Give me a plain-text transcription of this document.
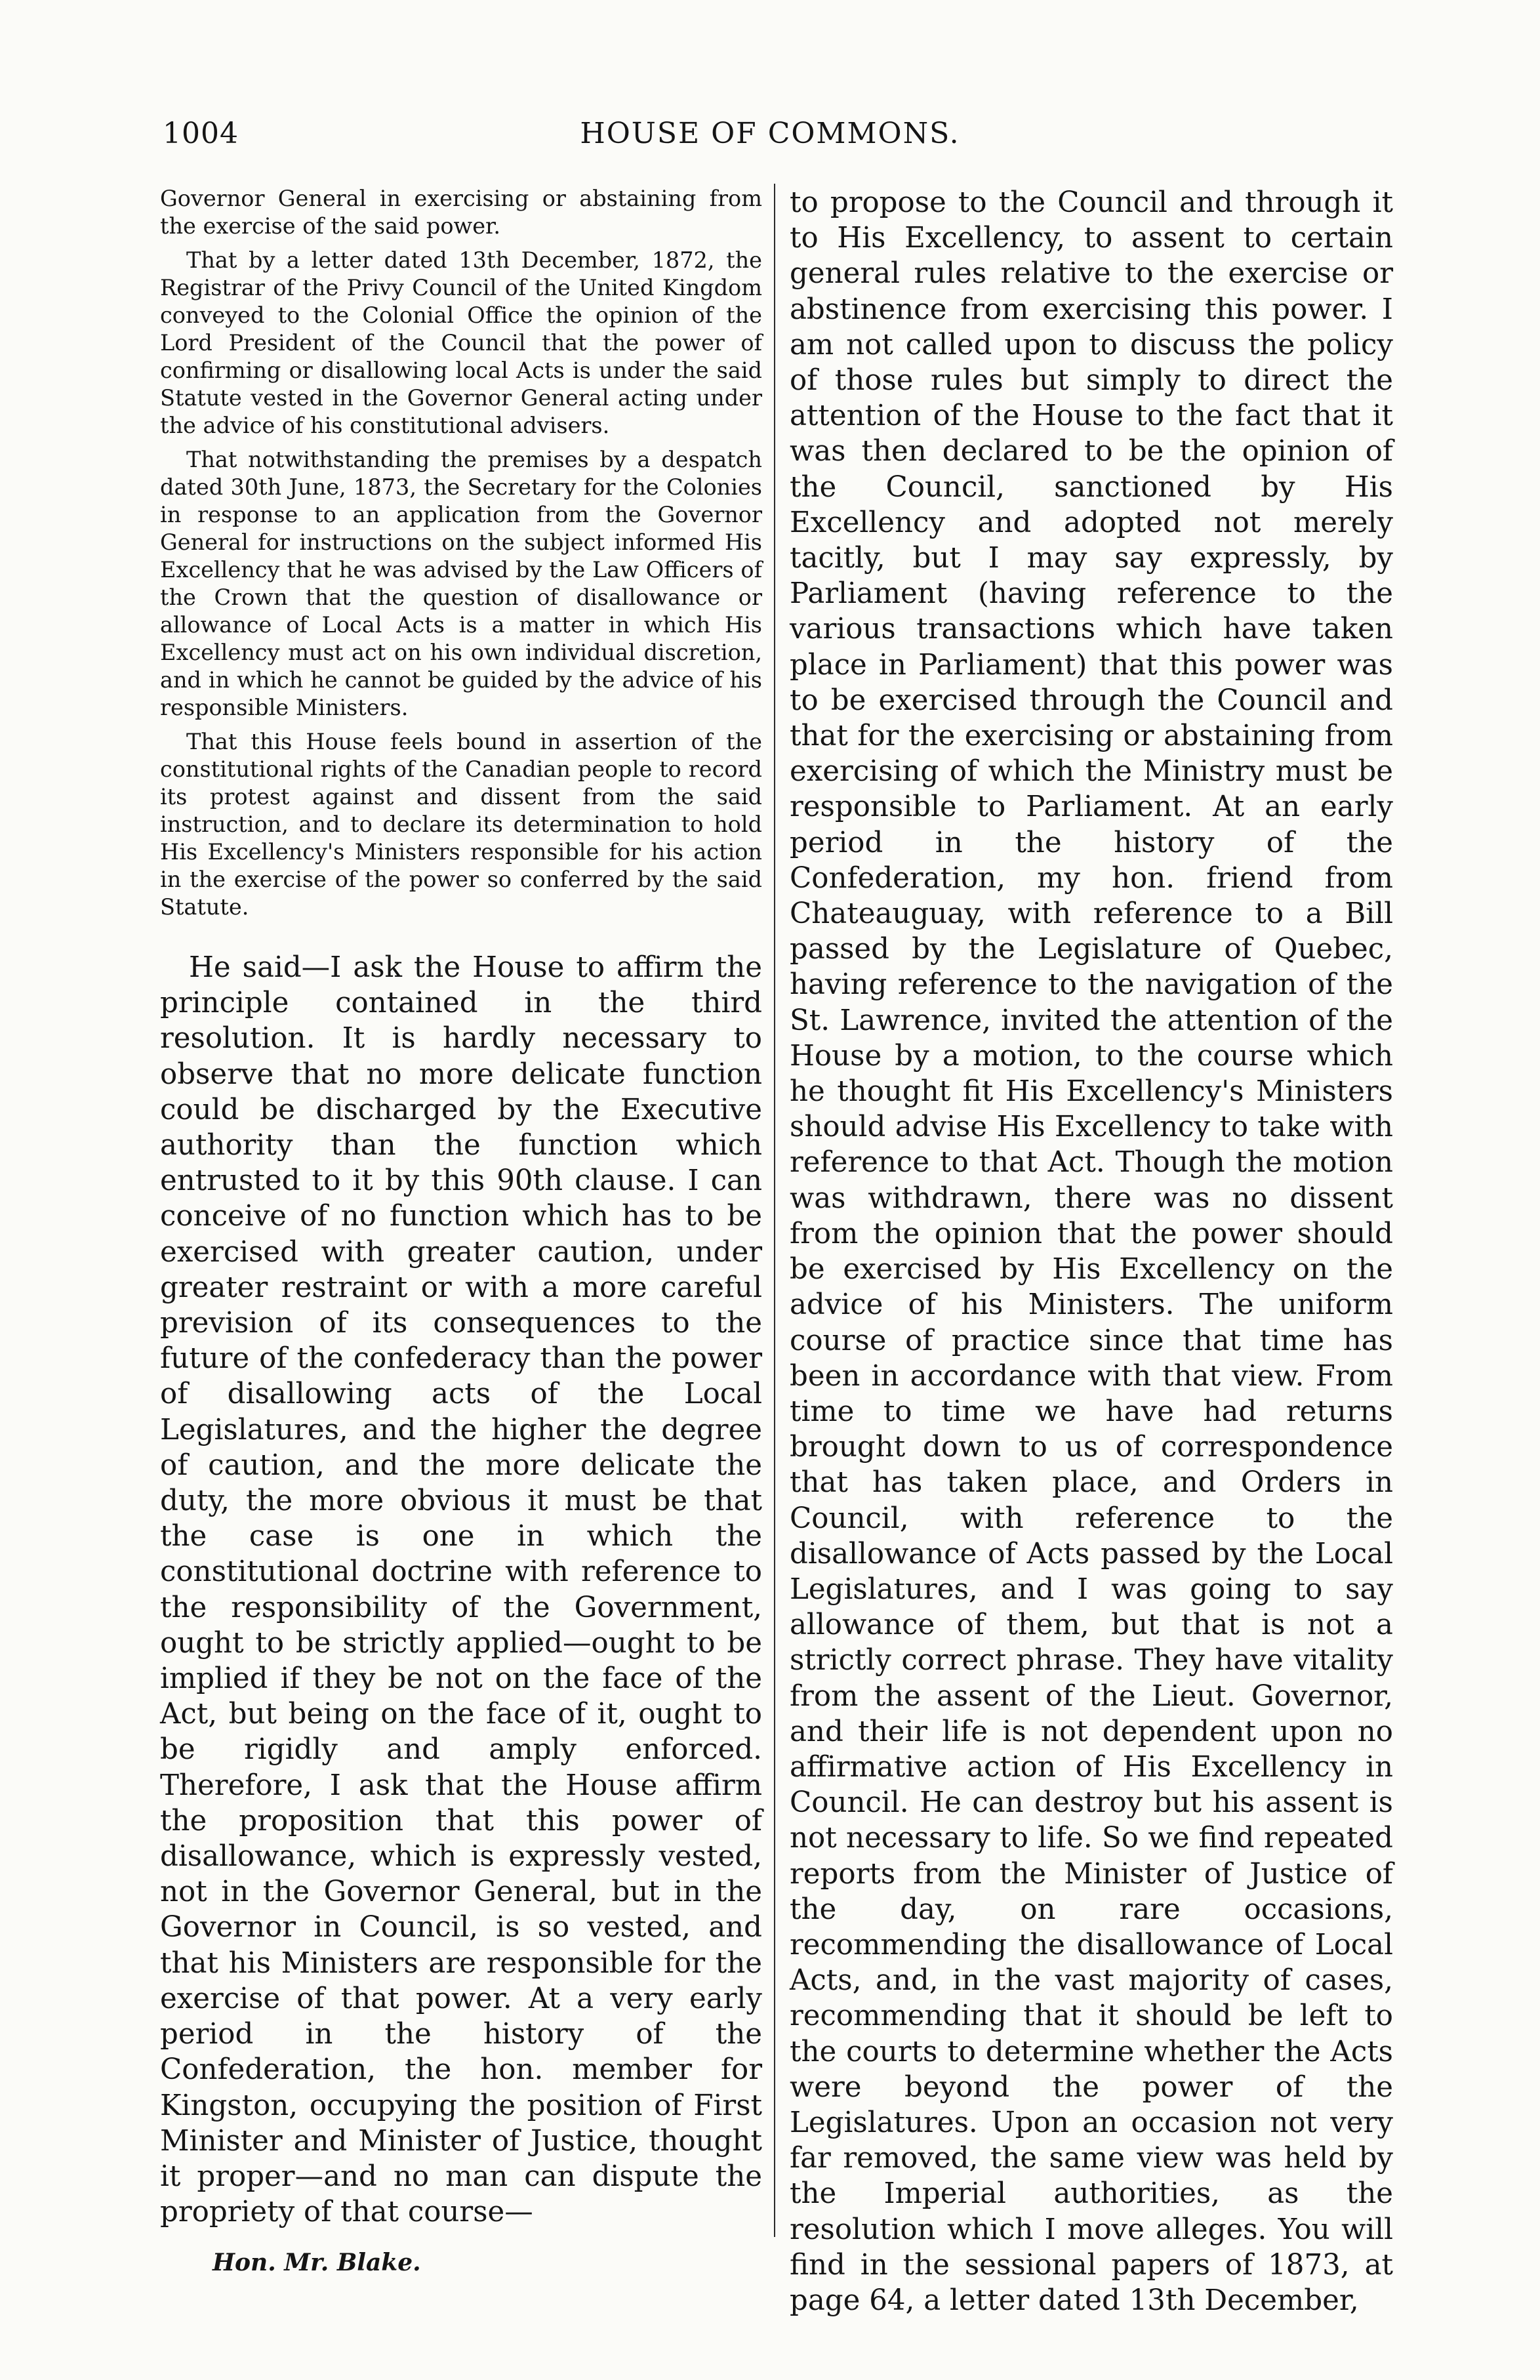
1004	HOUSE OF COMMONS.

Governor General in exercising or abstaining from the exercise of the said power.

That by a letter dated 13th December, 1872, the Registrar of the Privy Council of the United Kingdom conveyed to the Colonial Office the opinion of the Lord President of the Council that the power of confirming or disallowing local Acts is under the said Statute vested in the Governor General acting under the advice of his constitutional advisers.

That notwithstanding the premises by a despatch dated 30th June, 1873, the Secretary for the Colonies in response to an application from the Governor General for instructions on the subject informed His Excellency that he was advised by the Law Officers of the Crown that the question of disallowance or allowance of Local Acts is a matter in which His Excellency must act on his own individual discretion, and in which he cannot be guided by the advice of his responsible Ministers.

That this House feels bound in assertion of the constitutional rights of the Canadian people to record its protest against and dissent from the said instruction, and to declare its determination to hold His Excellency's Ministers responsible for his action in the exercise of the power so conferred by the said Statute.

He said—I ask the House to affirm the principle contained in the third resolution. It is hardly necessary to observe that no more delicate function could be discharged by the Executive authority than the function which entrusted to it by this 90th clause. I can conceive of no function which has to be exercised with greater caution, under greater restraint or with a more careful prevision of its consequences to the future of the confederacy than the power of disallowing acts of the Local Legislatures, and the higher the degree of caution, and the more delicate the duty, the more obvious it must be that the case is one in which the constitutional doctrine with reference to the responsibility of the Government, ought to be strictly applied—ought to be implied if they be not on the face of the Act, but being on the face of it, ought to be rigidly and amply enforced. Therefore, I ask that the House affirm the proposition that this power of disallowance, which is expressly vested, not in the Governor General, but in the Governor in Council, is so vested, and that his Ministers are responsible for the exercise of that power. At a very early period in the history of the Confederation, the hon. member for Kingston, occupying the position of First Minister and Minister of Justice, thought it proper—and no man can dispute the propriety of that course—

to propose to the Council and through it to His Excellency, to assent to certain general rules relative to the exercise or abstinence from exercising this power. I am not called upon to discuss the policy of those rules but simply to direct the attention of the House to the fact that it was then declared to be the opinion of the Council, sanctioned by His Excellency and adopted not merely tacitly, but I may say expressly, by Parliament (having reference to the various transactions which have taken place in Parliament) that this power was to be exercised through the Council and that for the exercising or abstaining from exercising of which the Ministry must be responsible to Parliament. At an early period in the history of the Confederation, my hon. friend from Chateauguay, with reference to a Bill passed by the Legislature of Quebec, having reference to the navigation of the St. Lawrence, invited the attention of the House by a motion, to the course which he thought fit His Excellency's Ministers should advise His Excellency to take with reference to that Act. Though the motion was withdrawn, there was no dissent from the opinion that the power should be exercised by His Excellency on the advice of his Ministers. The uniform course of practice since that time has been in accordance with that view. From time to time we have had returns brought down to us of correspondence that has taken place, and Orders in Council, with reference to the disallowance of Acts passed by the Local Legislatures, and I was going to say allowance of them, but that is not a strictly correct phrase. They have vitality from the assent of the Lieut. Governor, and their life is not dependent upon no affirmative action of His Excellency in Council. He can destroy but his assent is not necessary to life. So we find repeated reports from the Minister of Justice of the day, on rare occasions, recommending the disallowance of Local Acts, and, in the vast majority of cases, recommending that it should be left to the courts to determine whether the Acts were beyond the power of the Legislatures. Upon an occasion not very far removed, the same view was held by the Imperial authorities, as the resolution which I move alleges. You will find in the sessional papers of 1873, at page 64, a letter dated 13th December,

Hon. Mr. Blake.
